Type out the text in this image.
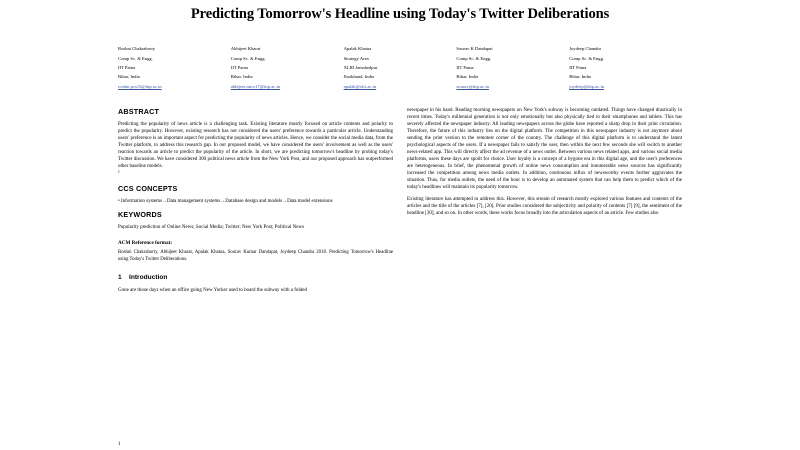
Predicting Tomorrow's Headline using Today's Twitter Deliberations

Roshni Chakraborty

Comp Sc. & Engg.

IIT Patna

Bihar, India

roshni.pcs15@iitp.ac.in

Abhijeet Kharat

Comp Sc. & Engg.

IIT Patna

Bihar, India

abhijeet.mtcs17@iitp.ac.in

Apalak Khatua

Strategy Area

XLRI Jamshedpur

Jharkhand, India

apalak@xlri.ac.in

Sourav K Dandapat

Comp Sc. & Engg.

IIT Patna

Bihar, India

sourav@iitp.ac.in

Joydeep Chandra

Comp Sc. & Engg.

IIT Patna

Bihar, India

joydeep@iitp.ac.in

ABSTRACT

Predicting the popularity of news article is a challenging task. Existing literature mostly focused on article contents and polarity to predict the popularity. However, existing research has not considered the users' preference towards a particular article. Understanding users' preference is an important aspect for predicting the popularity of news articles. Hence, we consider the social media data, from the Twitter platform, to address this research gap. In our proposed model, we have considered the users' involvement as well as the users' reaction towards an article to predict the popularity of the article. In short, we are predicting tomorrow's headline by probing today's Twitter discussion. We have considered 300 political news article from the New York Post, and our proposed approach has outperformed other baseline models.

$^1$

CCS CONCEPTS

• Information systems→Data management systems→Database design and models→Data model extensions

KEYWORDS

Popularity prediction of Online News; Social Media; Twitter; New York Post; Political News

ACM Reference format:

Roshni Chakraborty, Abhijeet Kharat, Apalak Khatua, Sourav Kumar Dandapat, Joydeep Chandra 2018. Predicting Tomorrow's Headline using Today's Twitter Deliberations.

1 Introduction

Gone are those days when an office going New Yorker used to board the subway with a folded

newspaper in his hand. Reading morning newspapers on New York's subway is becoming outdated. Things have changed drastically in recent times. Today's millennial generation is not only emotionally but also physically tied to their smartphones and tablets. This has severely affected the newspaper industry. All leading newspapers across the globe have reported a sharp drop in their print circulation. Therefore, the future of this industry lies on the digital platform. The competition in this newspaper industry is not anymore about sending the print version to the remotest corner of the country. The challenge of this digital platform is to understand the latent psychological aspects of the users. If a newspaper fails to satisfy the user, then within the next few seconds she will switch to another news-related app. This will directly affect the ad revenue of a news outlet. Between various news related apps, and various social media platforms, users these days are spoilt for choice. User loyalty is a concept of a bygone era in this digital age, and the user's preferences are heterogeneous. In brief, the phenomenal growth of online news consumption and innumerable news sources has significantly increased the competition among news media outlets. In addition, continuous influx of newsworthy events further aggravates the situation. Thus, for media outlets, the need of the hour is to develop an automated system that can help them to predict which of the today's headlines will maintain its popularity tomorrow.

Existing literature has attempted to address this. However, this stream of research mostly explored various features and contents of the articles and the title of the articles [7], [20]. Prior studies considered the subjectivity and polarity of contents [7] [9], the sentiment of the headline [30], and so on. In other words, these works focus broadly into the articulation aspects of an article. Few studies also

1
